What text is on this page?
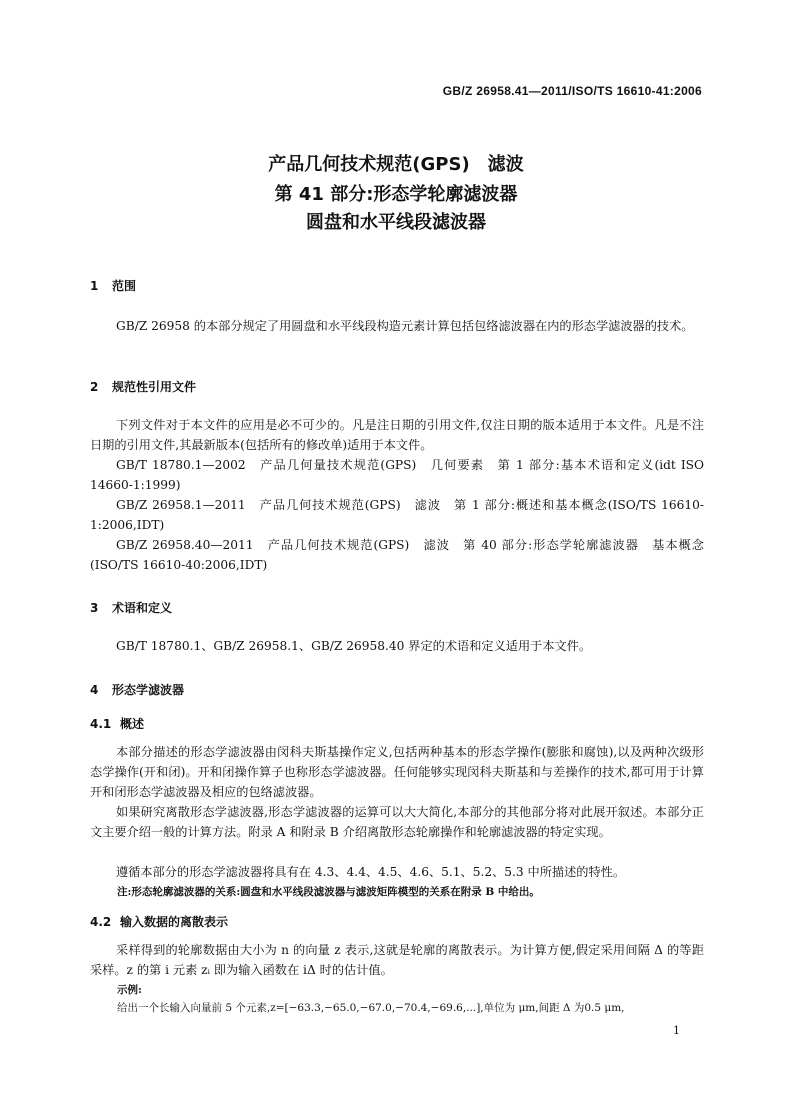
GB/Z 26958.41—2011/ISO/TS 16610-41:2006
产品几何技术规范(GPS)　滤波
第 41 部分:形态学轮廓滤波器
圆盘和水平线段滤波器
1 范围
GB/Z 26958 的本部分规定了用圆盘和水平线段构造元素计算包括包络滤波器在内的形态学滤波器的技术。
2 规范性引用文件
下列文件对于本文件的应用是必不可少的。凡是注日期的引用文件,仅注日期的版本适用于本文件。凡是不注日期的引用文件,其最新版本(包括所有的修改单)适用于本文件。
GB/T 18780.1—2002　产品几何量技术规范(GPS)　几何要素　第 1 部分:基本术语和定义(idt ISO 14660-1:1999)
GB/Z 26958.1—2011　产品几何技术规范(GPS)　滤波　第 1 部分:概述和基本概念(ISO/TS 16610-1:2006,IDT)
GB/Z 26958.40—2011　产品几何技术规范(GPS)　滤波　第 40 部分:形态学轮廓滤波器　基本概念(ISO/TS 16610-40:2006,IDT)
3 术语和定义
GB/T 18780.1、GB/Z 26958.1、GB/Z 26958.40 界定的术语和定义适用于本文件。
4 形态学滤波器
4.1 概述
本部分描述的形态学滤波器由闵科夫斯基操作定义,包括两种基本的形态学操作(膨胀和腐蚀),以及两种次级形态学操作(开和闭)。开和闭操作算子也称形态学滤波器。任何能够实现闵科夫斯基和与差操作的技术,都可用于计算开和闭形态学滤波器及相应的包络滤波器。
如果研究离散形态学滤波器,形态学滤波器的运算可以大大简化,本部分的其他部分将对此展开叙述。本部分正文主要介绍一般的计算方法。附录 A 和附录 B 介绍离散形态轮廓操作和轮廓滤波器的特定实现。
遵循本部分的形态学滤波器将具有在 4.3、4.4、4.5、4.6、5.1、5.2、5.3 中所描述的特性。
注:形态轮廓滤波器的关系:圆盘和水平线段滤波器与滤波矩阵模型的关系在附录 B 中给出。
4.2 输入数据的离散表示
采样得到的轮廓数据由大小为 n 的向量 z 表示,这就是轮廓的离散表示。为计算方便,假定采用间隔 Δ 的等距采样。z 的第 i 元素 zᵢ 即为输入函数在 iΔ 时的估计值。
示例:
给出一个长输入向量前 5 个元素,z=[−63.3,−65.0,−67.0,−70.4,−69.6,...],单位为 μm,间距 Δ 为0.5 μm,
1
